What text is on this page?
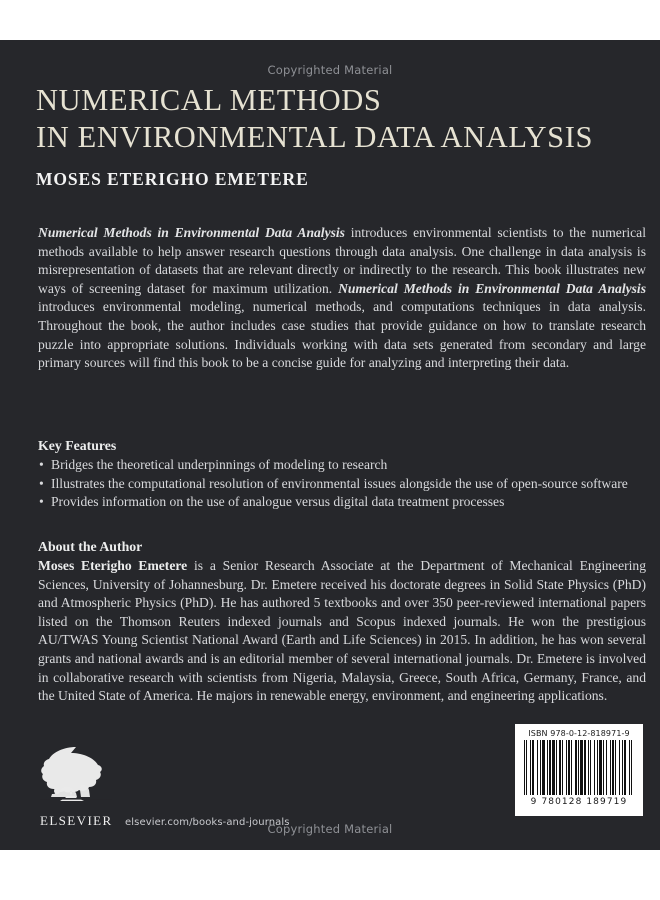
Copyrighted Material
NUMERICAL METHODS
IN ENVIRONMENTAL DATA ANALYSIS
MOSES ETERIGHO EMETERE

Numerical Methods in Environmental Data Analysis introduces environmental scientists to the numerical methods available to help answer research questions through data analysis. One challenge in data analysis is misrepresentation of datasets that are relevant directly or indirectly to the research. This book illustrates new ways of screening dataset for maximum utilization. Numerical Methods in Environmental Data Analysis introduces environmental modeling, numerical methods, and computations techniques in data analysis. Throughout the book, the author includes case studies that provide guidance on how to translate research puzzle into appropriate solutions. Individuals working with data sets generated from secondary and large primary sources will find this book to be a concise guide for analyzing and interpreting their data.

Key Features

• Bridges the theoretical underpinnings of modeling to research

• Illustrates the computational resolution of environmental issues alongside the use of open-source software

• Provides information on the use of analogue versus digital data treatment processes

About the Author

Moses Eterigho Emetere is a Senior Research Associate at the Department of Mechanical Engineering Sciences, University of Johannesburg. Dr. Emetere received his doctorate degrees in Solid State Physics (PhD) and Atmospheric Physics (PhD). He has authored 5 textbooks and over 350 peer-reviewed international papers listed on the Thomson Reuters indexed journals and Scopus indexed journals. He won the prestigious AU/TWAS Young Scientist National Award (Earth and Life Sciences) in 2015. In addition, he has won several grants and national awards and is an editorial member of several international journals. Dr. Emetere is involved in collaborative research with scientists from Nigeria, Malaysia, Greece, South Africa, Germany, France, and the United State of America. He majors in renewable energy, environment, and engineering applications.

ELSEVIER elsevier.com/books-and-journals
ISBN 978-0-12-818971-9
9 780128 189719
Copyrighted Material
